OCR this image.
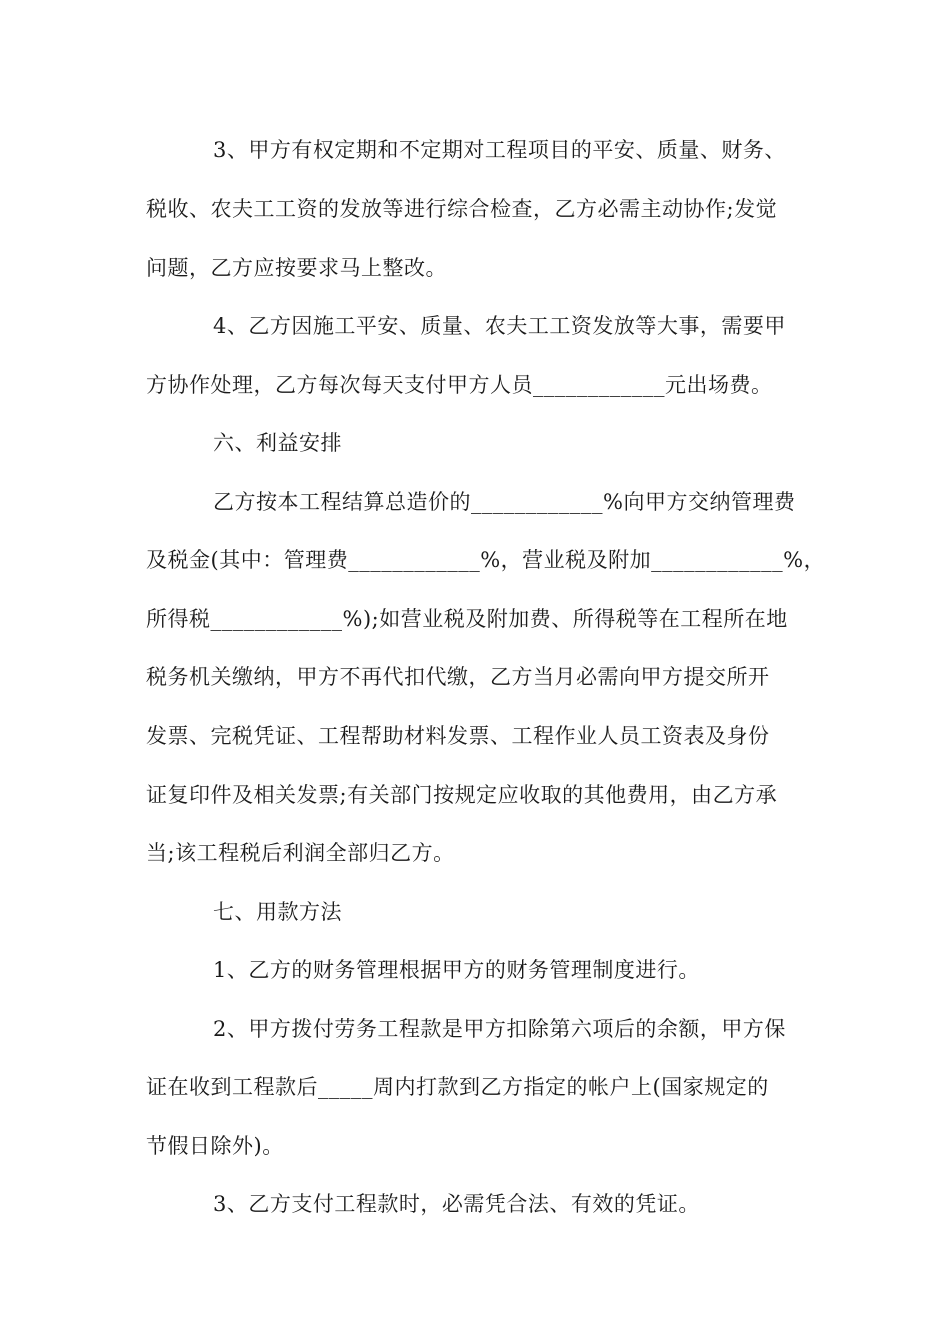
3、甲方有权定期和不定期对工程项目的平安、质量、财务、
税收、农夫工工资的发放等进行综合检查，乙方必需主动协作;发觉
问题，乙方应按要求马上整改。
4、乙方因施工平安、质量、农夫工工资发放等大事，需要甲
方协作处理，乙方每次每天支付甲方人员____________元出场费。
六、利益安排
乙方按本工程结算总造价的____________%向甲方交纳管理费
及税金(其中：管理费____________%，营业税及附加____________%，
所得税____________%);如营业税及附加费、所得税等在工程所在地
税务机关缴纳，甲方不再代扣代缴，乙方当月必需向甲方提交所开
发票、完税凭证、工程帮助材料发票、工程作业人员工资表及身份
证复印件及相关发票;有关部门按规定应收取的其他费用，由乙方承
当;该工程税后利润全部归乙方。
七、用款方法
1、乙方的财务管理根据甲方的财务管理制度进行。
2、甲方拨付劳务工程款是甲方扣除第六项后的余额，甲方保
证在收到工程款后_____周内打款到乙方指定的帐户上(国家规定的
节假日除外)。
3、乙方支付工程款时，必需凭合法、有效的凭证。
